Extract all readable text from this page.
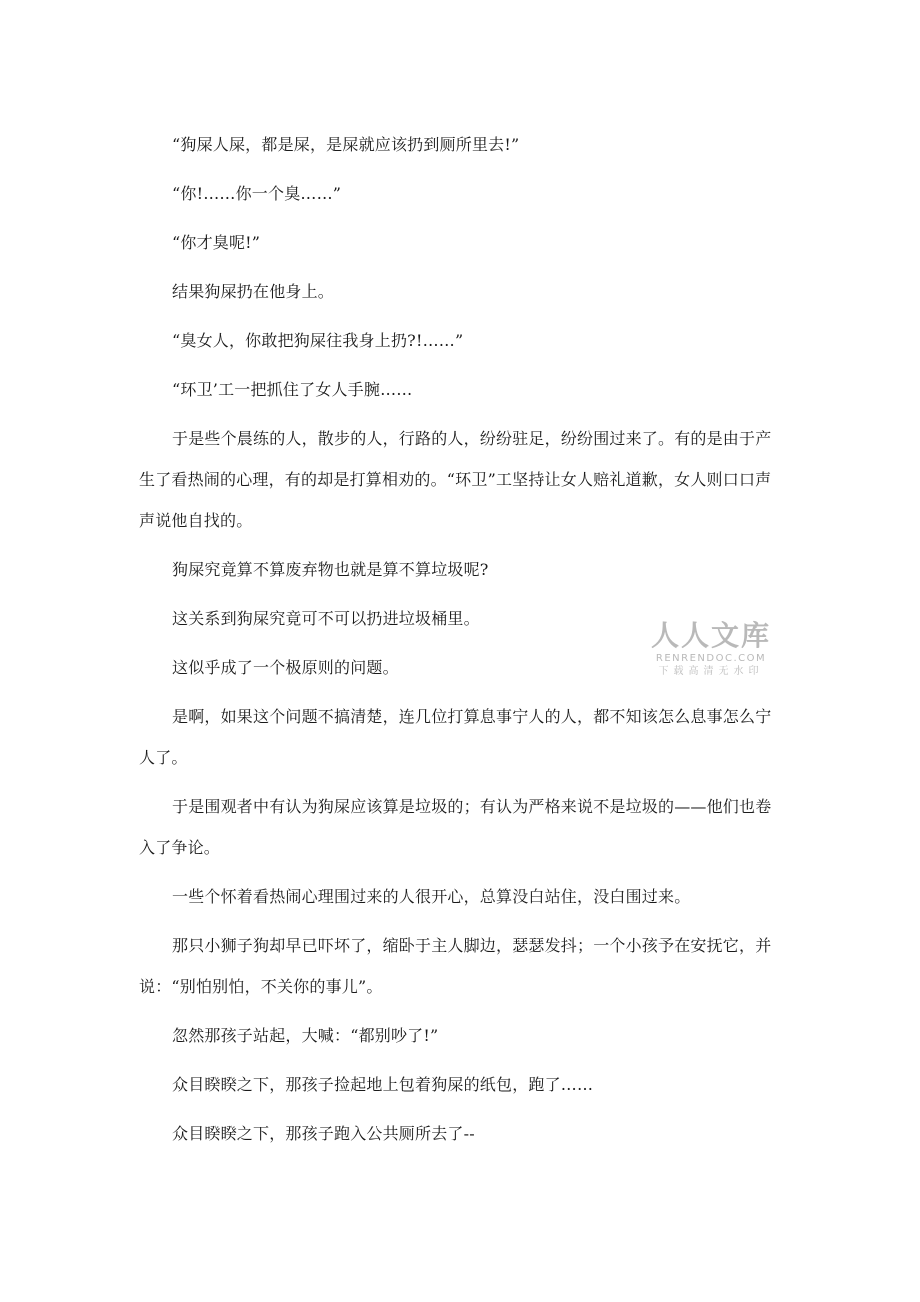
“狗屎人屎，都是屎，是屎就应该扔到厕所里去!”

“你!……你一个臭……”

“你才臭呢!”

结果狗屎扔在他身上。

“臭女人，你敢把狗屎往我身上扔?!……”

“环卫’工一把抓住了女人手腕……

于是些个晨练的人，散步的人，行路的人，纷纷驻足，纷纷围过来了。有的是由于产生了看热闹的心理，有的却是打算相劝的。“环卫”工坚持让女人赔礼道歉，女人则口口声声说他自找的。

狗屎究竟算不算废弃物也就是算不算垃圾呢?

这关系到狗屎究竟可不可以扔进垃圾桶里。

这似乎成了一个极原则的问题。

是啊，如果这个问题不搞清楚，连几位打算息事宁人的人，都不知该怎么息事怎么宁人了。

于是围观者中有认为狗屎应该算是垃圾的；有认为严格来说不是垃圾的——他们也卷入了争论。

一些个怀着看热闹心理围过来的人很开心，总算没白站住，没白围过来。

那只小狮子狗却早已吓坏了，缩卧于主人脚边，瑟瑟发抖；一个小孩予在安抚它，并说：“别怕别怕，不关你的事儿”。

忽然那孩子站起，大喊：“都别吵了!”

众目睽睽之下，那孩子捡起地上包着狗屎的纸包，跑了……

众目睽睽之下，那孩子跑入公共厕所去了--

人人文库
RENRENDOC.COM
下载高清无水印
